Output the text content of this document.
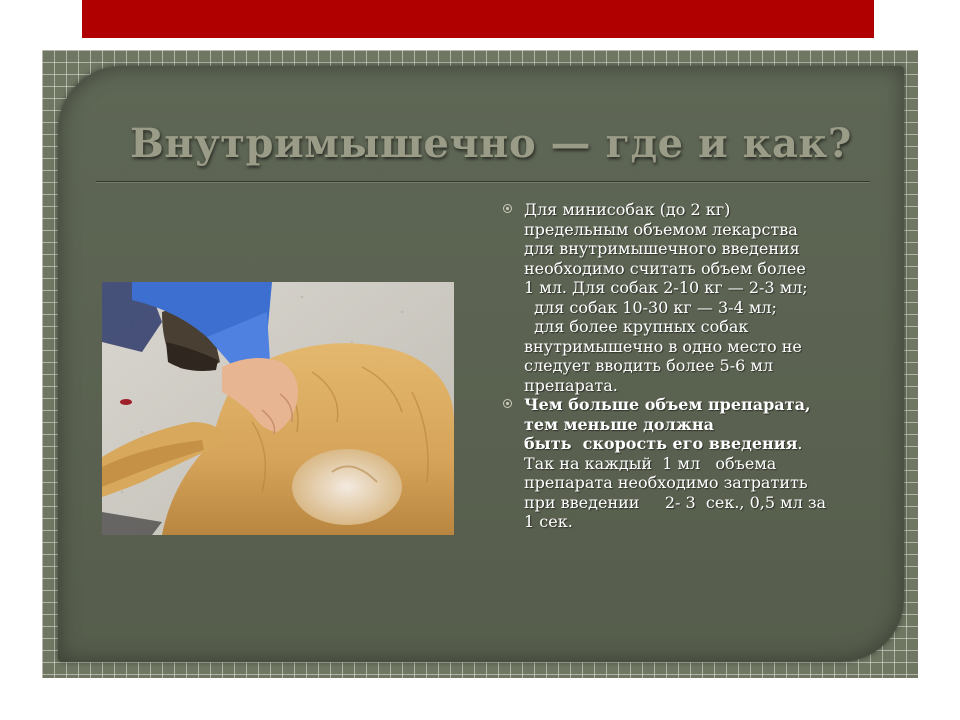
Внутримышечно — где и как?
Для минисобак (до 2 кг)
предельным объемом лекарства
для внутримышечного введения
необходимо считать объем более
1 мл. Для собак 2-10 кг — 2-3 мл;
для собак 10-30 кг — 3-4 мл;
для более крупных собак
внутримышечно в одно место не
следует вводить более 5-6 мл
препарата.
Чем больше объем препарата,
тем меньше должна
быть  скорость его введения.
Так на каждый  1 мл   объема
препарата необходимо затратить
при введении     2- 3  сек., 0,5 мл за
1 сек.
